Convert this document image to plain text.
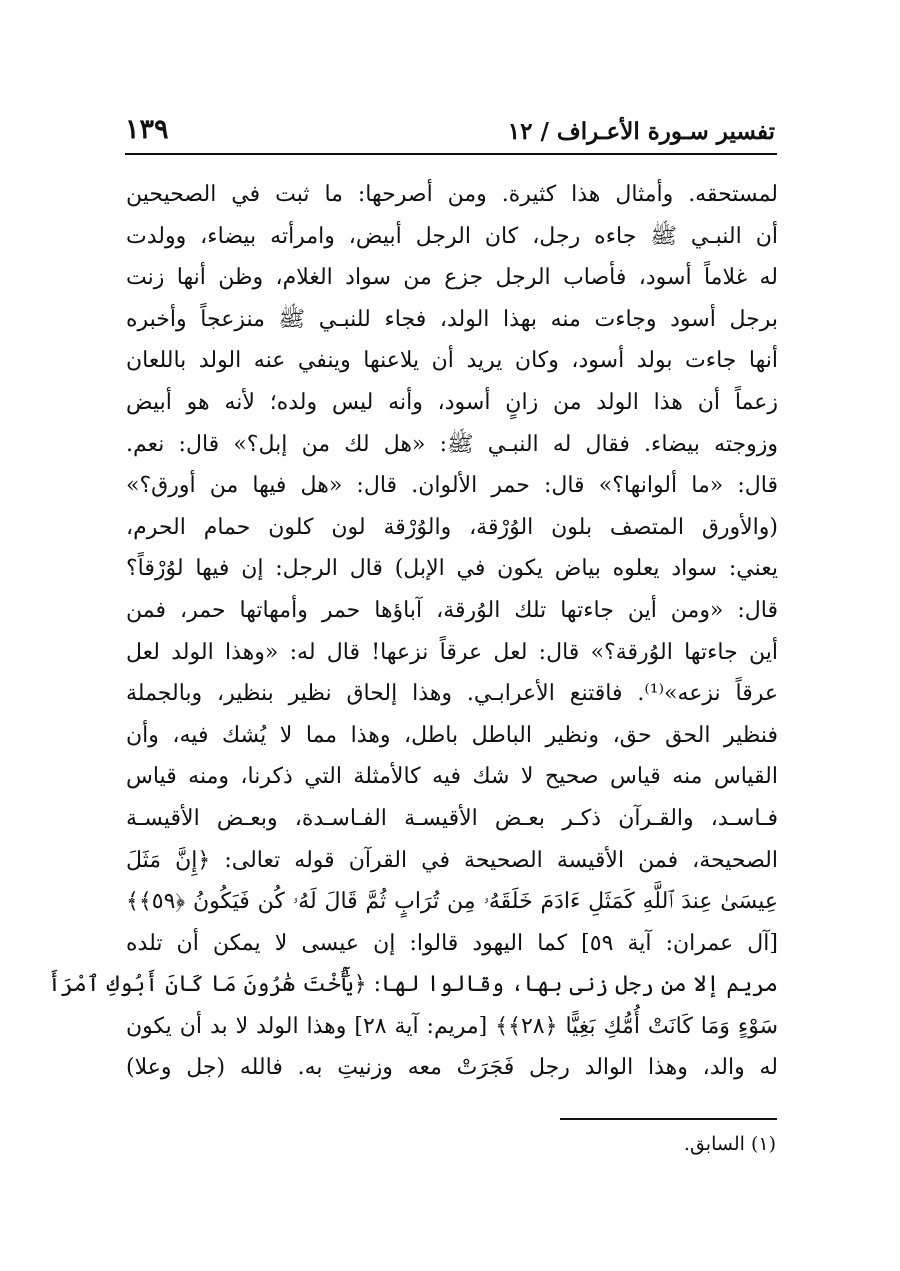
تفسير سـورة الأعـراف / ١٢
١٣٩
لمستحقه. وأمثال هذا كثيرة. ومن أصرحها: ما ثبت في الصحيحين
أن النبـي ﷺ جاءه رجل، كان الرجل أبيض، وامرأته بيضاء، وولدت
له غلاماً أسود، فأصاب الرجل جزع من سواد الغلام، وظن أنها زنت
برجل أسود وجاءت منه بهذا الولد، فجاء للنبـي ﷺ منزعجاً وأخبره
أنها جاءت بولد أسود، وكان يريد أن يلاعنها وينفي عنه الولد باللعان
زعماً أن هذا الولد من زانٍ أسود، وأنه ليس ولده؛ لأنه هو أبيض
وزوجته بيضاء. فقال له النبـي ﷺ: «هل لك من إبل؟» قال: نعم.
قال: «ما ألوانها؟» قال: حمر الألوان. قال: «هل فيها من أورق؟»
(والأورق المتصف بلون الوُرْقة، والوُرْقة لون كلون حمام الحرم،
يعني: سواد يعلوه بياض يكون في الإبل) قال الرجل: إن فيها لوُرْقاً؟
قال: «ومن أين جاءتها تلك الوُرقة، آباؤها حمر وأمهاتها حمر، فمن
أين جاءتها الوُرقة؟» قال: لعل عرقاً نزعها! قال له: «وهذا الولد لعل
عرقاً نزعه»⁽¹⁾. فاقتنع الأعرابـي. وهذا إلحاق نظير بنظير، وبالجملة
فنظير الحق حق، ونظير الباطل باطل، وهذا مما لا يُشك فيه، وأن
القياس منه قياس صحيح لا شك فيه كالأمثلة التي ذكرنا، ومنه قياس
فـاسـد، والقـرآن ذكـر بعـض الأقيسـة الفـاسـدة، وبعـض الأقيسـة
الصحيحة، فمن الأقيسة الصحيحة في القرآن قوله تعالى: ﴿إِنَّ مَثَلَ
عِيسَىٰ عِندَ ٱللَّهِ كَمَثَلِ ءَادَمَ خَلَقَهُۥ مِن تُرَابٍ ثُمَّ قَالَ لَهُۥ كُن فَيَكُونُ ﴿٥٩﴾﴾
[آل عمران: آية ٥٩] كما اليهود قالوا: إن عيسى لا يمكن أن تلده
مريم إلا من رجل زنى بها، وقالوا لها: ﴿يَٰٓأُخْتَ هَٰرُونَ مَا كَانَ أَبُوكِ ٱمْرَأَ
سَوْءٍ وَمَا كَانَتْ أُمُّكِ بَغِيًّا ﴿٢٨﴾﴾ [مريم: آية ٢٨] وهذا الولد لا بد أن يكون
له والد، وهذا الوالد رجل فَجَرَتْ معه وزنيتِ به. فالله (جل وعلا)
(١) السابق.
